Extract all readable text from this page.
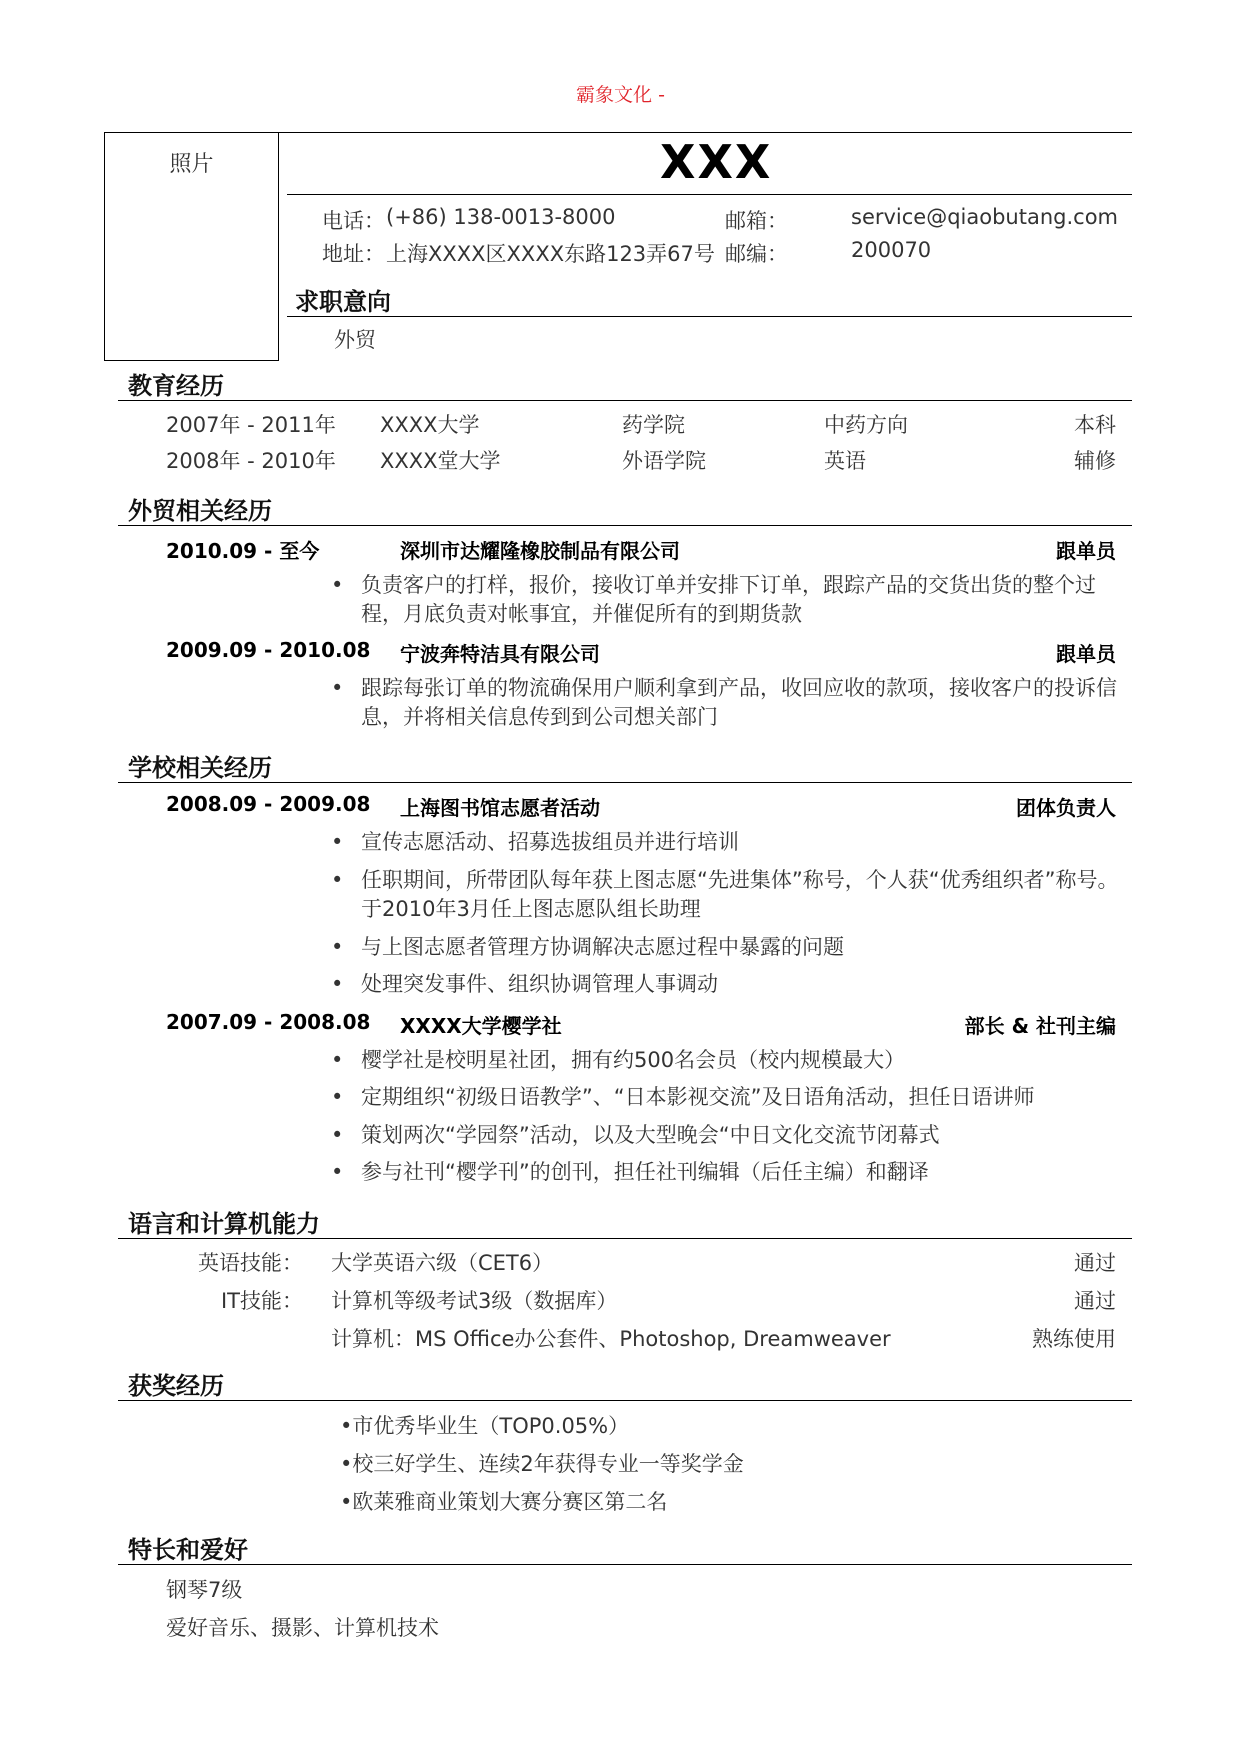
霸象文化 -
照片	XXX
电话： (+86) 138-0013-8000	邮箱：	service@qiaobutang.com
地址： 上海XXXX区XXXX东路123弄67号 邮编：	200070
求职意向
外贸
教育经历
2007年 - 2011年 XXXX大学	药学院	中药方向	本科
2008年 - 2010年 XXXX堂大学	外语学院	英语	辅修
外贸相关经历
2010.09 - 至今	深圳市达耀隆橡胶制品有限公司	跟单员
• 负责客户的打样，报价，接收订单并安排下订单，跟踪产品的交货出货的整个过程，月底负责对帐事宜，并催促所有的到期货款
2009.09 - 2010.08 宁波奔特洁具有限公司	跟单员
• 跟踪每张订单的物流确保用户顺利拿到产品，收回应收的款项，接收客户的投诉信息，并将相关信息传到到公司想关部门
学校相关经历
2008.09 - 2009.08 上海图书馆志愿者活动	团体负责人
• 宣传志愿活动、招募选拔组员并进行培训
• 任职期间，所带团队每年获上图志愿“先进集体”称号，个人获“优秀组织者”称号。于2010年3月任上图志愿队组长助理
• 与上图志愿者管理方协调解决志愿过程中暴露的问题
• 处理突发事件、组织协调管理人事调动
2007.09 - 2008.08 XXXX大学樱学社	部长 & 社刊主编
• 樱学社是校明星社团，拥有约500名会员（校内规模最大）
• 定期组织“初级日语教学”、“日本影视交流”及日语角活动，担任日语讲师
• 策划两次“学园祭”活动，以及大型晚会“中日文化交流节闭幕式
• 参与社刊“樱学刊”的创刊，担任社刊编辑（后任主编）和翻译
语言和计算机能力
英语技能： 大学英语六级（CET6）	通过
IT技能： 计算机等级考试3级（数据库）	通过
计算机：MS Office办公套件、Photoshop, Dreamweaver	熟练使用
获奖经历
•市优秀毕业生（TOP0.05%）
•校三好学生、连续2年获得专业一等奖学金
•欧莱雅商业策划大赛分赛区第二名
特长和爱好
钢琴7级
爱好音乐、摄影、计算机技术
